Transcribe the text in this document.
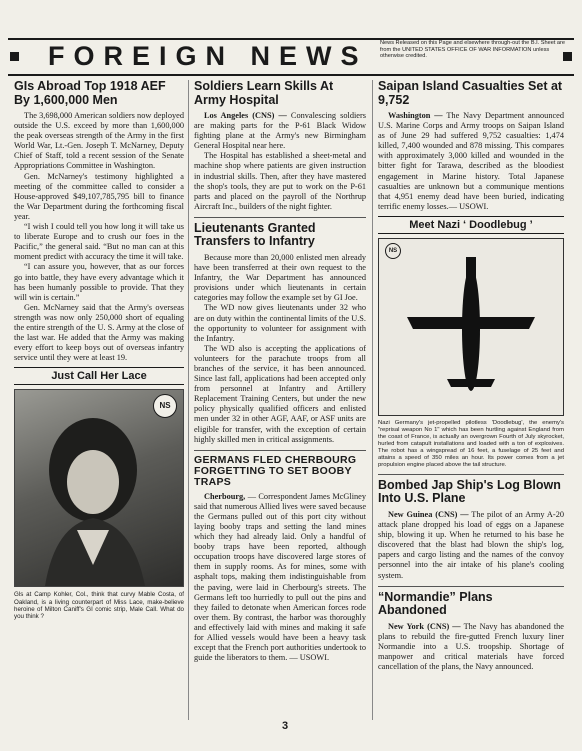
FOREIGN NEWS News Released on this Page and elsewhere through-out the B.I. Sheet are from the UNITED STATES OFFICE OF WAR INFORMATION unless otherwise credited.
GIs Abroad Top 1918 AEF By 1,600,000 Men

The 3,698,000 American soldiers now deployed outside the U.S. exceed by more than 1,600,000 the peak overseas strength of the Army in the first World War, Lt.-Gen. Joseph T. McNarney, Deputy Chief of Staff, told a recent session of the Senate Appropriations Committee in Washington.

Gen. McNarney's testimony highlighted a meeting of the committee called to consider a House-approved $49,107,785,795 bill to finance the War Department during the forthcoming fiscal year.

“I wish I could tell you how long it will take us to liberate Europe and to crush our foes in the Pacific,” the general said. “But no man can at this moment predict with accuracy the time it will take.

“I can assure you, however, that as our forces go into battle, they have every advantage which it has been humanly possible to provide. That they will win is certain.”

Gen. McNarney said that the Army's overseas strength was now only 250,000 short of equaling the entire strength of the U. S. Army at the close of the last war. He added that the Army was making every effort to keep boys out of overseas infantry service until they were at least 19.

Just Call Her Lace
NS

Gls at Camp Kohler, Col., think that curvy Mable Costa, of Oakland, is a living counterpart of Miss Lace, make-believe heroine of Milton Caniff's GI comic strip, Male Call. What do you think ?

Soldiers Learn Skills At Army Hospital

Los Angeles (CNS) — Convalescing soldiers are making parts for the P-61 Black Widow fighting plane at the Army's new Birmingham General Hospital near here.

The Hospital has established a sheet-metal and machine shop where patients are given instruction in industrial skills. Then, after they have mastered the shop's tools, they are put to work on the P-61 parts and placed on the payroll of the Northrup Aircraft Inc., builders of the night fighter.

Lieutenants Granted Transfers to Infantry

Because more than 20,000 enlisted men already have been transferred at their own request to the Infantry, the War Department has announced provisions under which lieutenants in certain categories may follow the example set by GI Joe.

The WD now gives lieutenants under 32 who are on duty within the continental limits of the U.S. the opportunity to volunteer for assignment with the Infantry.

The WD also is accepting the applications of volunteers for the parachute troops from all branches of the service, it has been announced. Since last fall, applications had been accepted only from personnel at Infantry and Artillery Replacement Training Centers, but under the new policy physically qualified officers and enlisted men under 32 in other AGF, AAF, or ASF units are eligible for transfer, with the exception of certain highly skilled men in critical assignments.

GERMANS FLED CHERBOURG FORGETTING TO SET BOOBY TRAPS

Cherbourg, — Correspondent James McGliney said that numerous Allied lives were saved because the Germans pulled out of this port city without laying booby traps and setting the land mines which they had already laid. Only a handful of booby traps have been reported, although occupation troops have discovered large stores of them in supply rooms. As for mines, some with asphalt tops, making them indistinguishable from the paving, were laid in Cherbourg's streets. The Germans left too hurriedly to pull out the pins and they failed to detonate when American forces rode over them. By contrast, the harbor was thoroughly and effectively laid with mines and making it safe for Allied vessels would have been a heavy task except that the French port authorities undertook to guide the liberators to them. — USOWI.

Saipan Island Casualties Set at 9,752

Washington — The Navy Department announced U.S. Marine Corps and Army troops on Saipan Island as of June 29 had suffered 9,752 casualties: 1,474 killed, 7,400 wounded and 878 missing. This compares with approximately 3,000 killed and wounded in the bitter fight for Tarawa, described as the bloodiest engagement in Marine history. Total Japanese casualties are unknown but a communique mentions that 4,951 enemy dead have been buried, indicating terrific enemy losses.— USOWI.

Meet Nazi ‘ Doodlebug ’
NS

Nazi Germany's jet-propelled pilotless 'Doodlebug', the enemy's "reprisal weapon No 1" which has been hurtling against England from the coast of France, is actually an overgrown Fourth of July skyrocket, hurled from catapult installations and loaded with a ton of explosives. The robot has a wingspread of 16 feet, a fuselage of 25 feet and attains a speed of 350 miles an hour. Its power comes from a jet propulsion engine placed above the tail structure.

Bombed Jap Ship's Log Blown Into U.S. Plane

New Guinea (CNS) — The pilot of an Army A-20 attack plane dropped his load of eggs on a Japanese ship, blowing it up. When he returned to his base he discovered that the blast had blown the ship's log, papers and cargo listing and the names of the convoy personnel into the air intake of his plane's cooling system.

“Normandie” Plans Abandoned

New York (CNS) — The Navy has abandoned the plans to rebuild the fire-gutted French luxury liner Normandie into a U.S. troopship. Shortage of manpower and critical materials have forced cancellation of the plans, the Navy announced.

3
